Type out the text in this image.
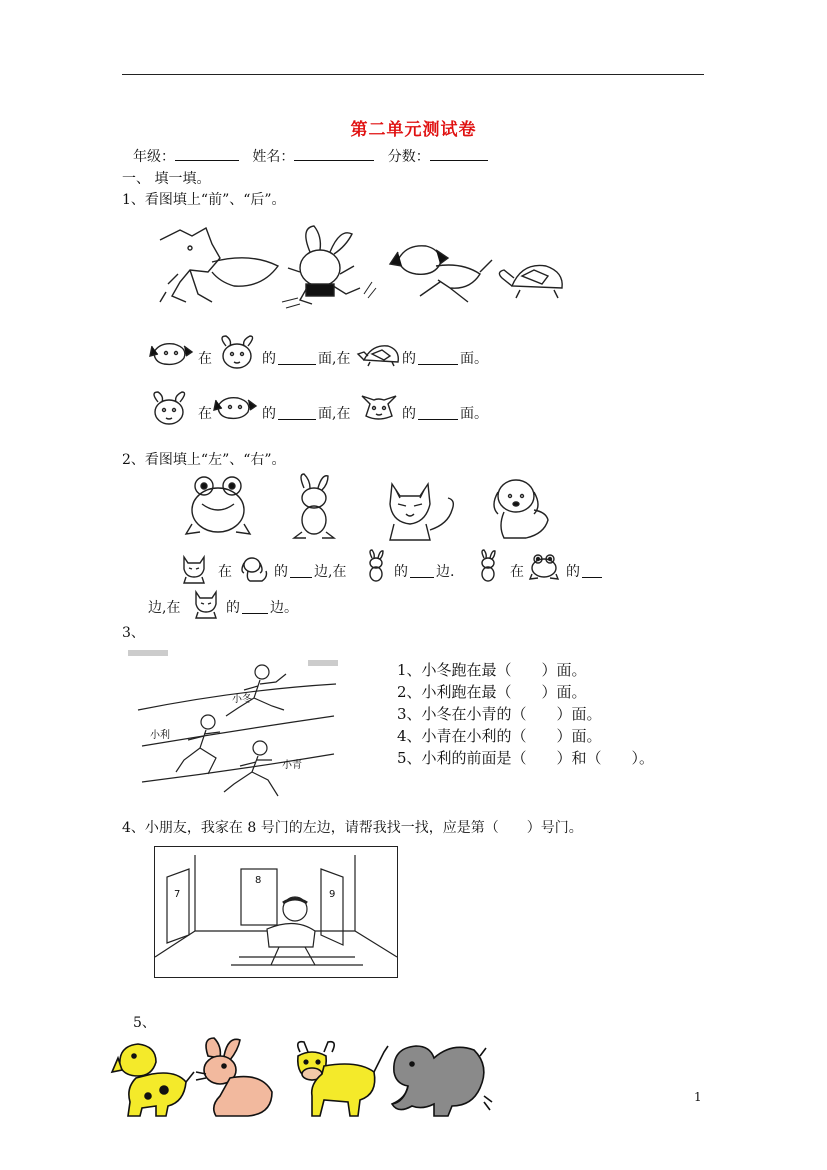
第二单元测试卷
年级：	姓名：	分数：
一、 填一填。
1、看图填上“前”、“后”。
在	的	面 ,在	的	面。
在	的	面 ,在	的	面。
2、看图填上“左”、“右”。
在	的 边 ,在	的 边.	在	的
边 ,在	的 边。
3、
小冬
小利
小青
1、小冬跑在最（　　）面。
2、小利跑在最（　　）面。
3、小冬在小青的（　　）面。
4、小青在小利的（　　）面。
5、小利的前面是（　　）和（　　）。
4、小朋友，我家在 8 号门的左边，请帮我找一找，应是第（　　）号门。
7
8
9
5、
1
